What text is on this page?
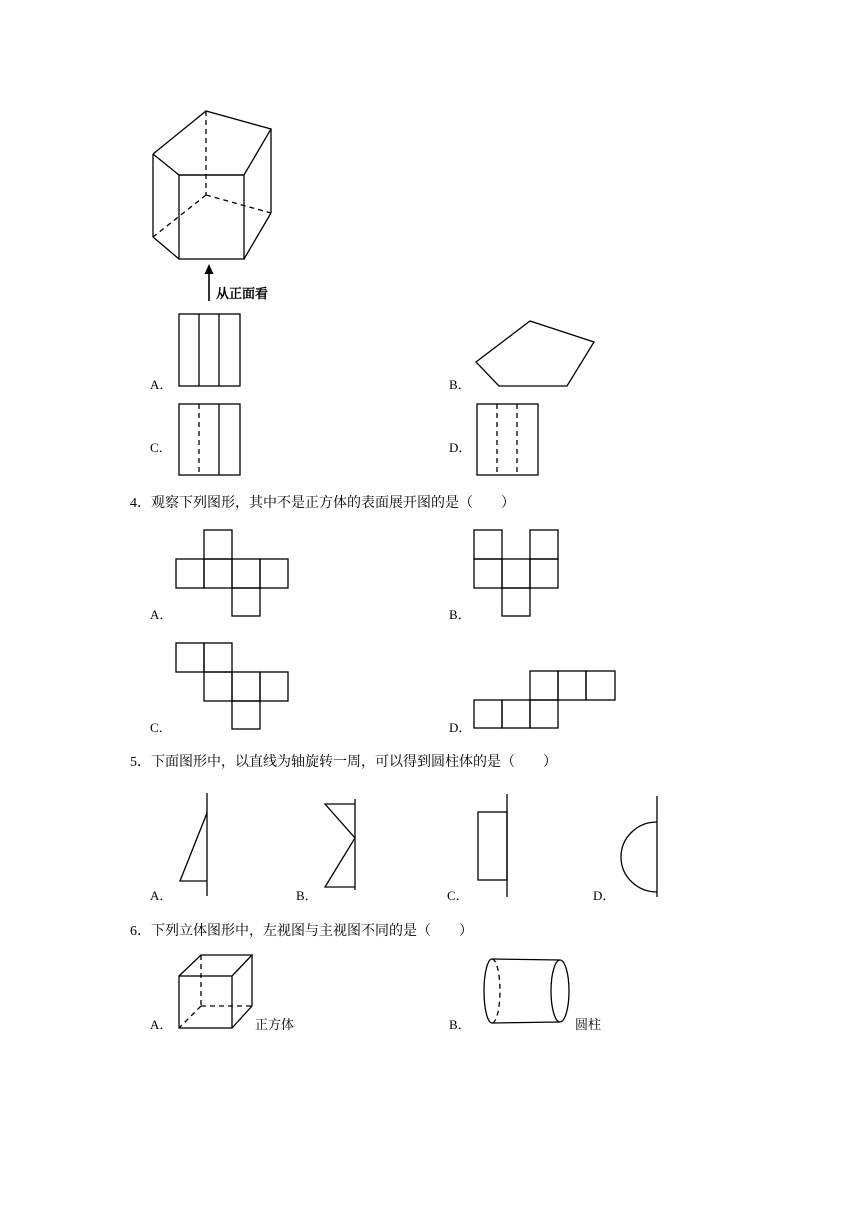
从正面看
A．	B．
C．	D．
4．观察下列图形，其中不是正方体的表面展开图的是（　　）
A．	B．
C．	D．
5．下面图形中，以直线为轴旋转一周，可以得到圆柱体的是（　　）
A．	B．	C．	D．
6．下列立体图形中，左视图与主视图不同的是（　　）
A．	正方体	B．	圆柱
